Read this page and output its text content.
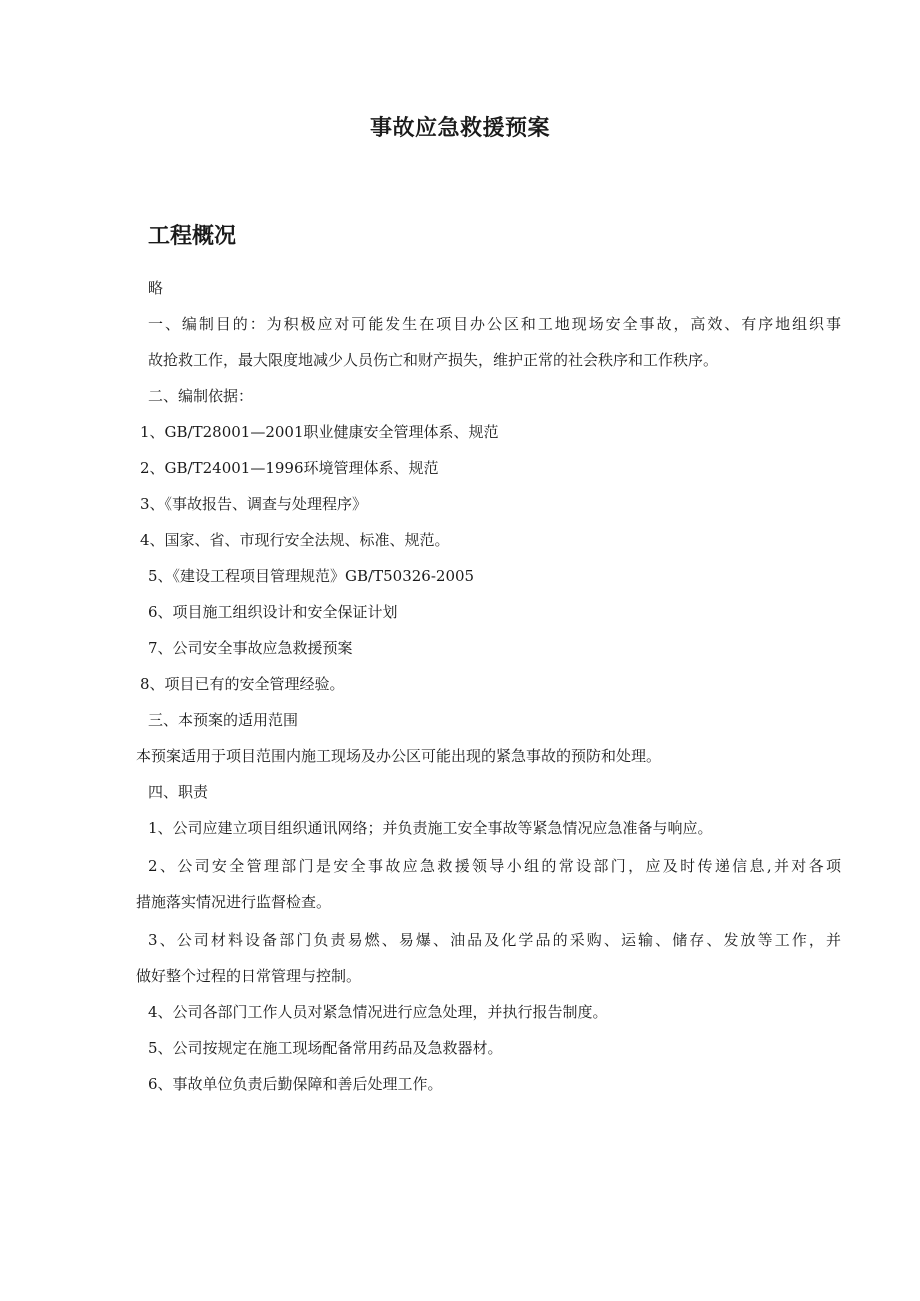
事故应急救援预案
工程概况
略
一、编制目的：为积极应对可能发生在项目办公区和工地现场安全事故，高效、有序地组织事
故抢救工作，最大限度地减少人员伤亡和财产损失，维护正常的社会秩序和工作秩序。
二、编制依据：
1、GB/T28001—2001职业健康安全管理体系、规范
2、GB/T24001—1996环境管理体系、规范
3、《事故报告、调查与处理程序》
4、国家、省、市现行安全法规、标准、规范。
5、《建设工程项目管理规范》GB/T50326-2005
6、项目施工组织设计和安全保证计划
7、公司安全事故应急救援预案
8、项目已有的安全管理经验。
三、本预案的适用范围
本预案适用于项目范围内施工现场及办公区可能出现的紧急事故的预防和处理。
四、职责
1、公司应建立项目组织通讯网络；并负责施工安全事故等紧急情况应急准备与响应。
2、公司安全管理部门是安全事故应急救援领导小组的常设部门，应及时传递信息,并对各项
措施落实情况进行监督检查。
3、公司材料设备部门负责易燃、易爆、油品及化学品的采购、运输、储存、发放等工作，并
做好整个过程的日常管理与控制。
4、公司各部门工作人员对紧急情况进行应急处理，并执行报告制度。
5、公司按规定在施工现场配备常用药品及急救器材。
6、事故单位负责后勤保障和善后处理工作。
